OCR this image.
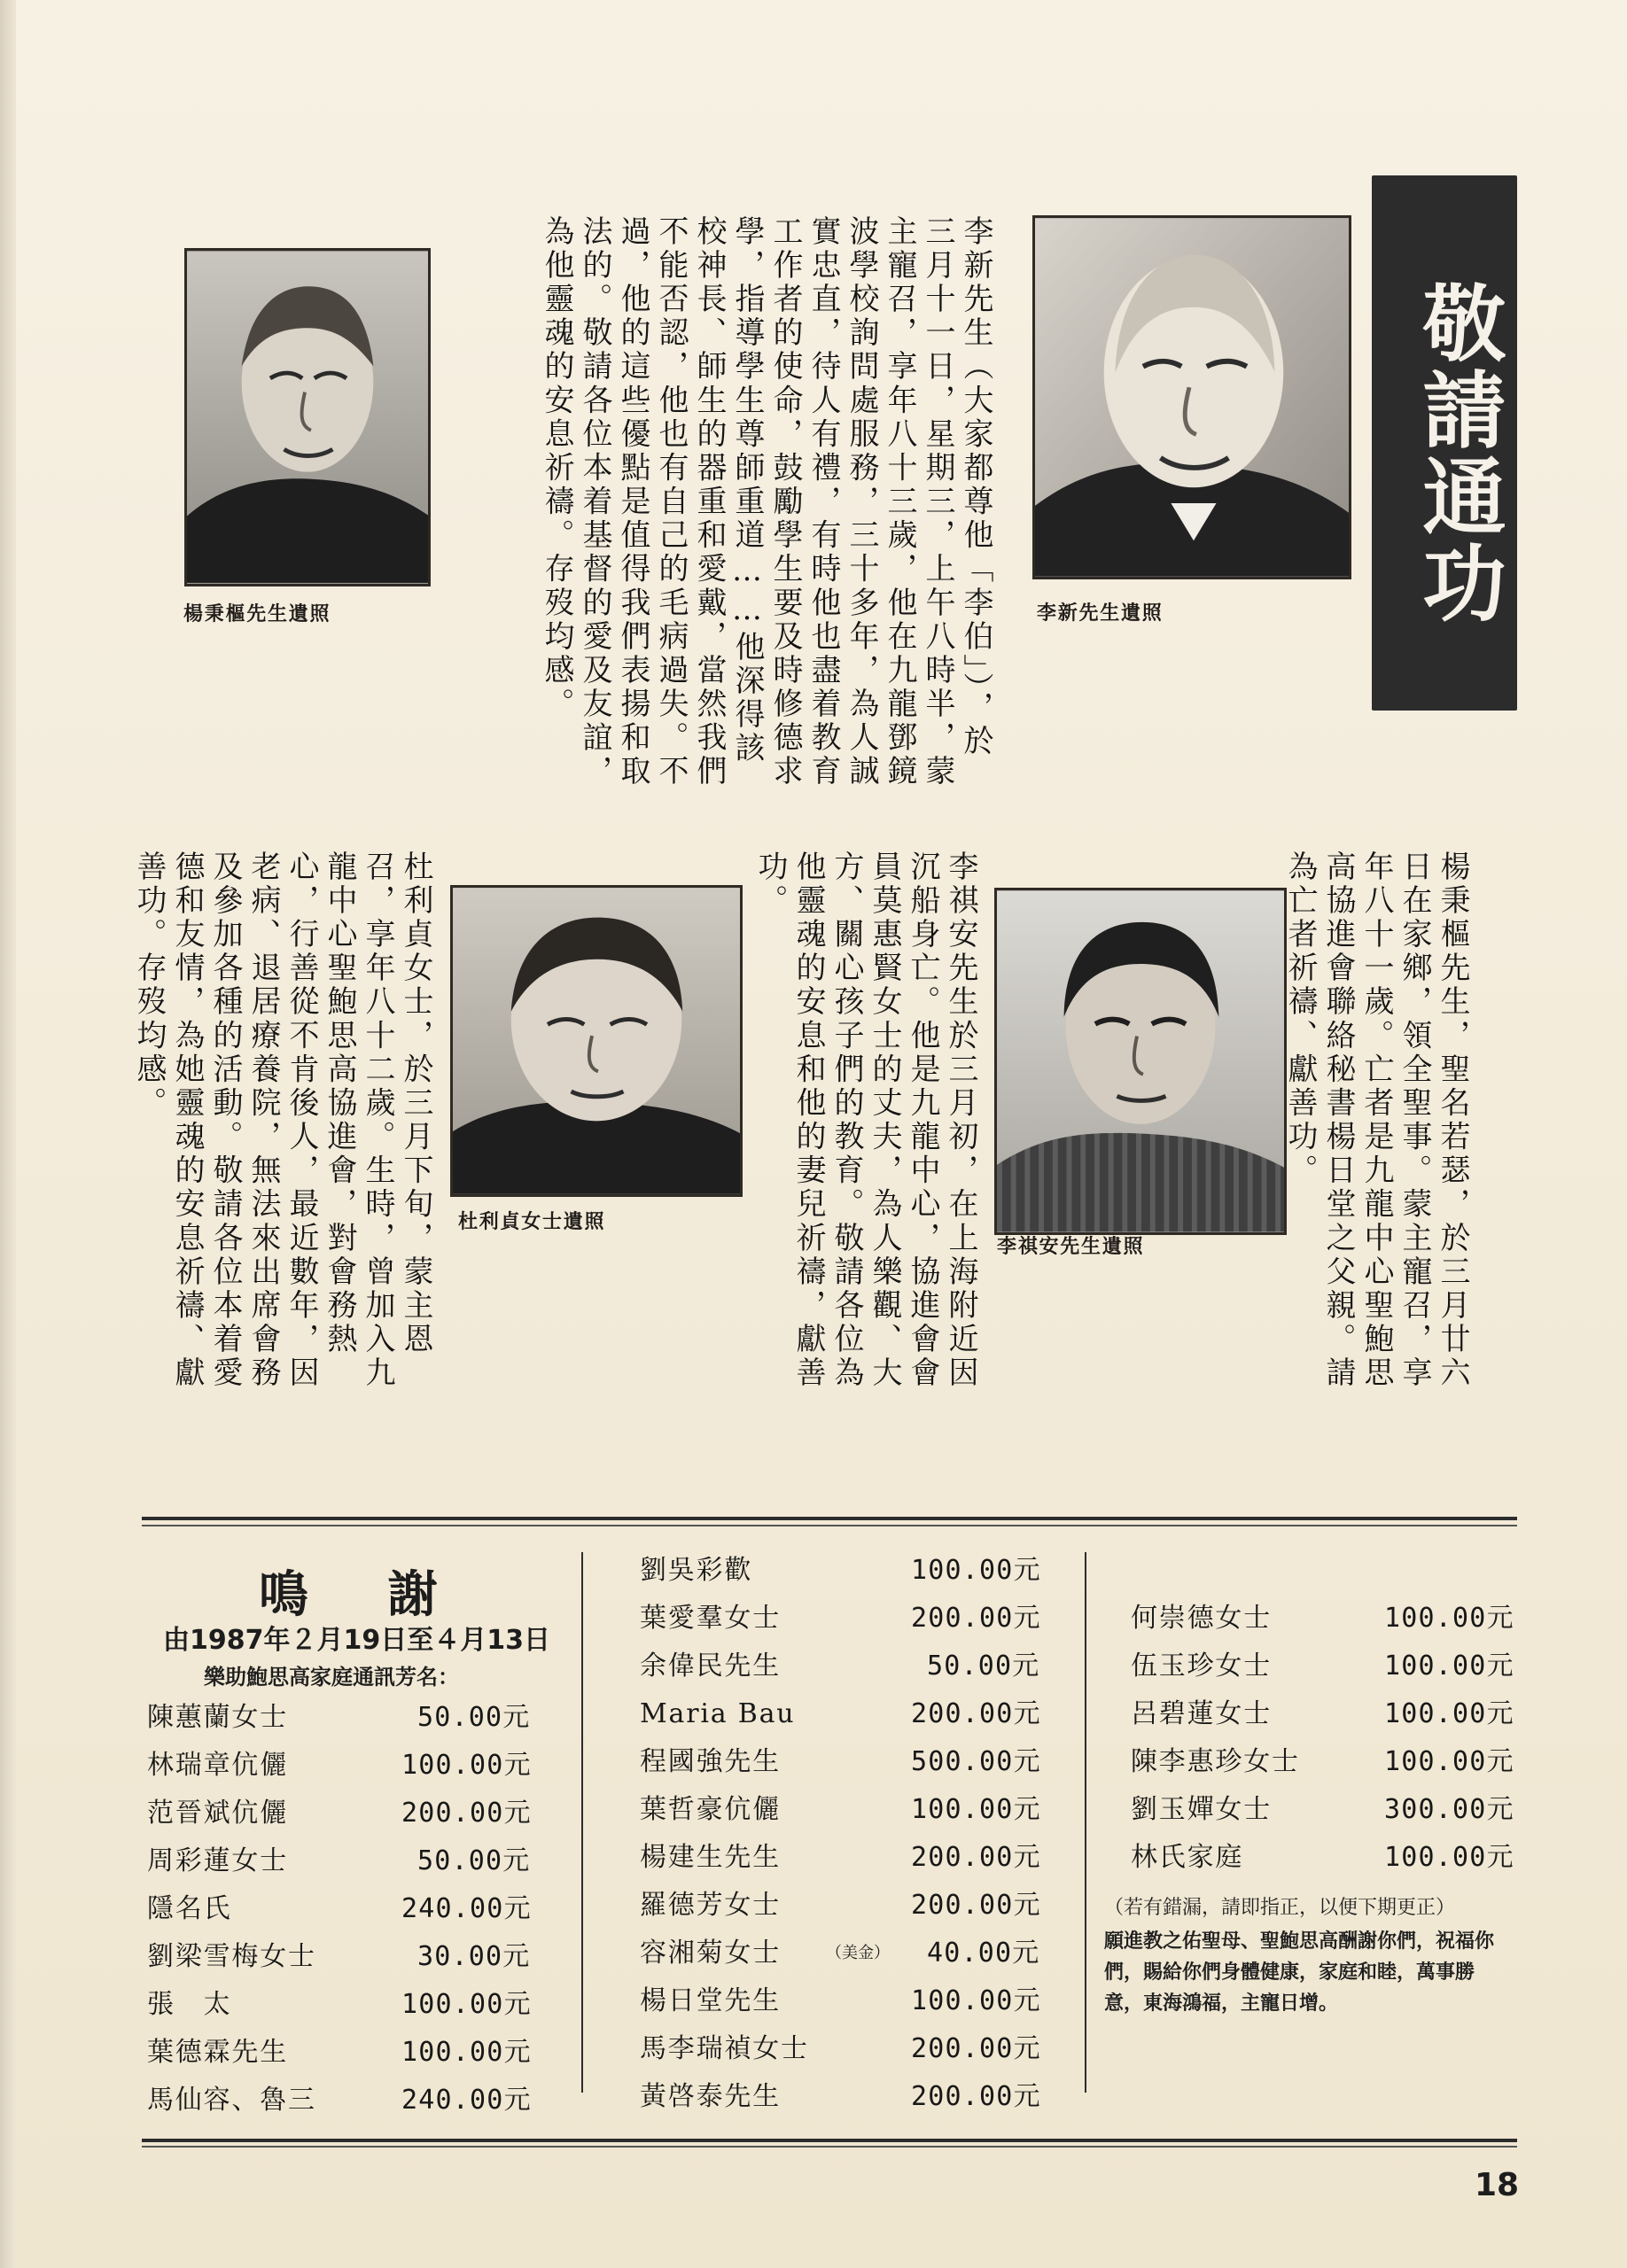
敬請通功
李新先生遺照
楊秉樞先生遺照
李祺安先生遺照
杜利貞女士遺照
李新先生（大家都尊他「李伯」），於三月十一日，星期三，上午八時半，蒙主寵召，享年八十三歲，他在九龍鄧鏡波學校詢問處服務，三十多年，為人誠實忠直，待人有禮，有時他也盡着教育工作者的使命，鼓勵學生要及時修德求學，指導學生尊師重道……他深得該校神長、師生的器重和愛戴，當然我們不能否認，他也有自己的毛病過失。不過，他的這些優點是值得我們表揚和取法的。敬請各位本着基督的愛及友誼，為他靈魂的安息祈禱。存歿均感。
楊秉樞先生，聖名若瑟，於三月廿六日在家鄉，領全聖事。蒙主寵召，享年八十一歲。亡者是九龍中心聖鮑思高協進會聯絡秘書楊日堂之父親。請為亡者祈禱、獻善功。
李祺安先生於三月初，在上海附近因沉船身亡。他是九龍中心，協進會會員莫惠賢女士的丈夫，為人樂觀、大方、關心孩子們的教育。敬請各位為他靈魂的安息和他的妻兒祈禱，獻善功。
杜利貞女士，於三月下旬，蒙主恩召，享年八十二歲。生時，曾加入九龍中心聖鮑思高協進會，對會務熱心，行善從不肯後人，最近數年，因老病、退居療養院，無法來出席會務及參加各種的活動。敬請各位本着愛德和友情，為她靈魂的安息祈禱、獻善功。存歿均感。
鳴　謝
由1987年２月19日至４月13日
樂助鮑思高家庭通訊芳名：
陳蕙蘭女士	50.00元
林瑞章伉儷	100.00元
范晉斌伉儷	200.00元
周彩蓮女士	50.00元
隱名氏	240.00元
劉梁雪梅女士	30.00元
張　太	100.00元
葉德霖先生	100.00元
馬仙容、魯三	240.00元
劉吳彩歡	100.00元
葉愛羣女士	200.00元
余偉民先生	50.00元
Maria Bau	200.00元
程國強先生	500.00元
葉哲豪伉儷	100.00元
楊建生先生	200.00元
羅德芳女士	200.00元
容湘菊女士	（美金） 40.00元
楊日堂先生	100.00元
馬李瑞禎女士	200.00元
黃啓泰先生	200.00元
何崇德女士	100.00元
伍玉珍女士	100.00元
呂碧蓮女士	100.00元
陳李惠珍女士	100.00元
劉玉嬋女士	300.00元
林氏家庭	100.00元
（若有錯漏，請即指正，以便下期更正）
願進教之佑聖母、聖鮑思高酬謝你們，祝福你們，賜給你們身體健康，家庭和睦，萬事勝意，東海鴻福，主寵日增。
18
